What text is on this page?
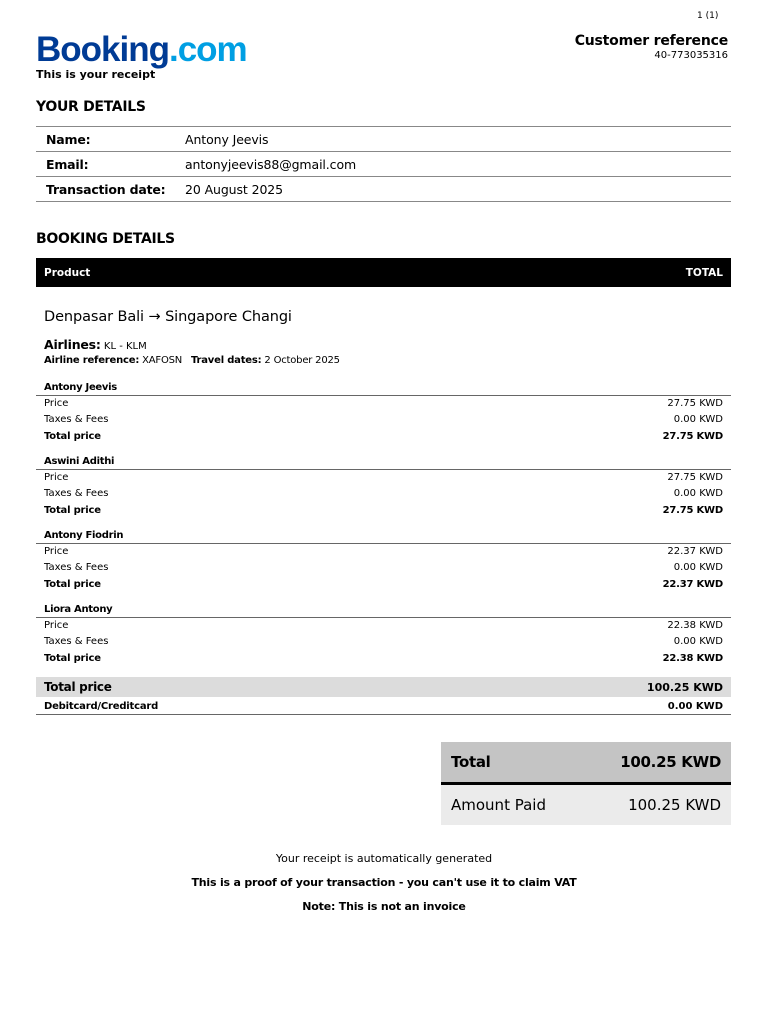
1 (1)
Booking.com
This is your receipt
Customer reference
40-773035316
YOUR DETAILS
Name:	Antony Jeevis
Email:	antonyjeevis88@gmail.com
Transaction date:	20 August 2025
BOOKING DETAILS
Product	TOTAL
Denpasar Bali → Singapore Changi
Airlines: KL - KLM
Airline reference: XAFOSN Travel dates: 2 October 2025
Antony Jeevis
Price	27.75 KWD
Taxes & Fees	0.00 KWD
Total price	27.75 KWD
Aswini Adithi
Price	27.75 KWD
Taxes & Fees	0.00 KWD
Total price	27.75 KWD
Antony Fiodrin
Price	22.37 KWD
Taxes & Fees	0.00 KWD
Total price	22.37 KWD
Liora Antony
Price	22.38 KWD
Taxes & Fees	0.00 KWD
Total price	22.38 KWD
Total price	100.25 KWD
Debitcard/Creditcard	0.00 KWD
Total	100.25 KWD
Amount Paid	100.25 KWD
Your receipt is automatically generated
This is a proof of your transaction - you can't use it to claim VAT
Note: This is not an invoice
